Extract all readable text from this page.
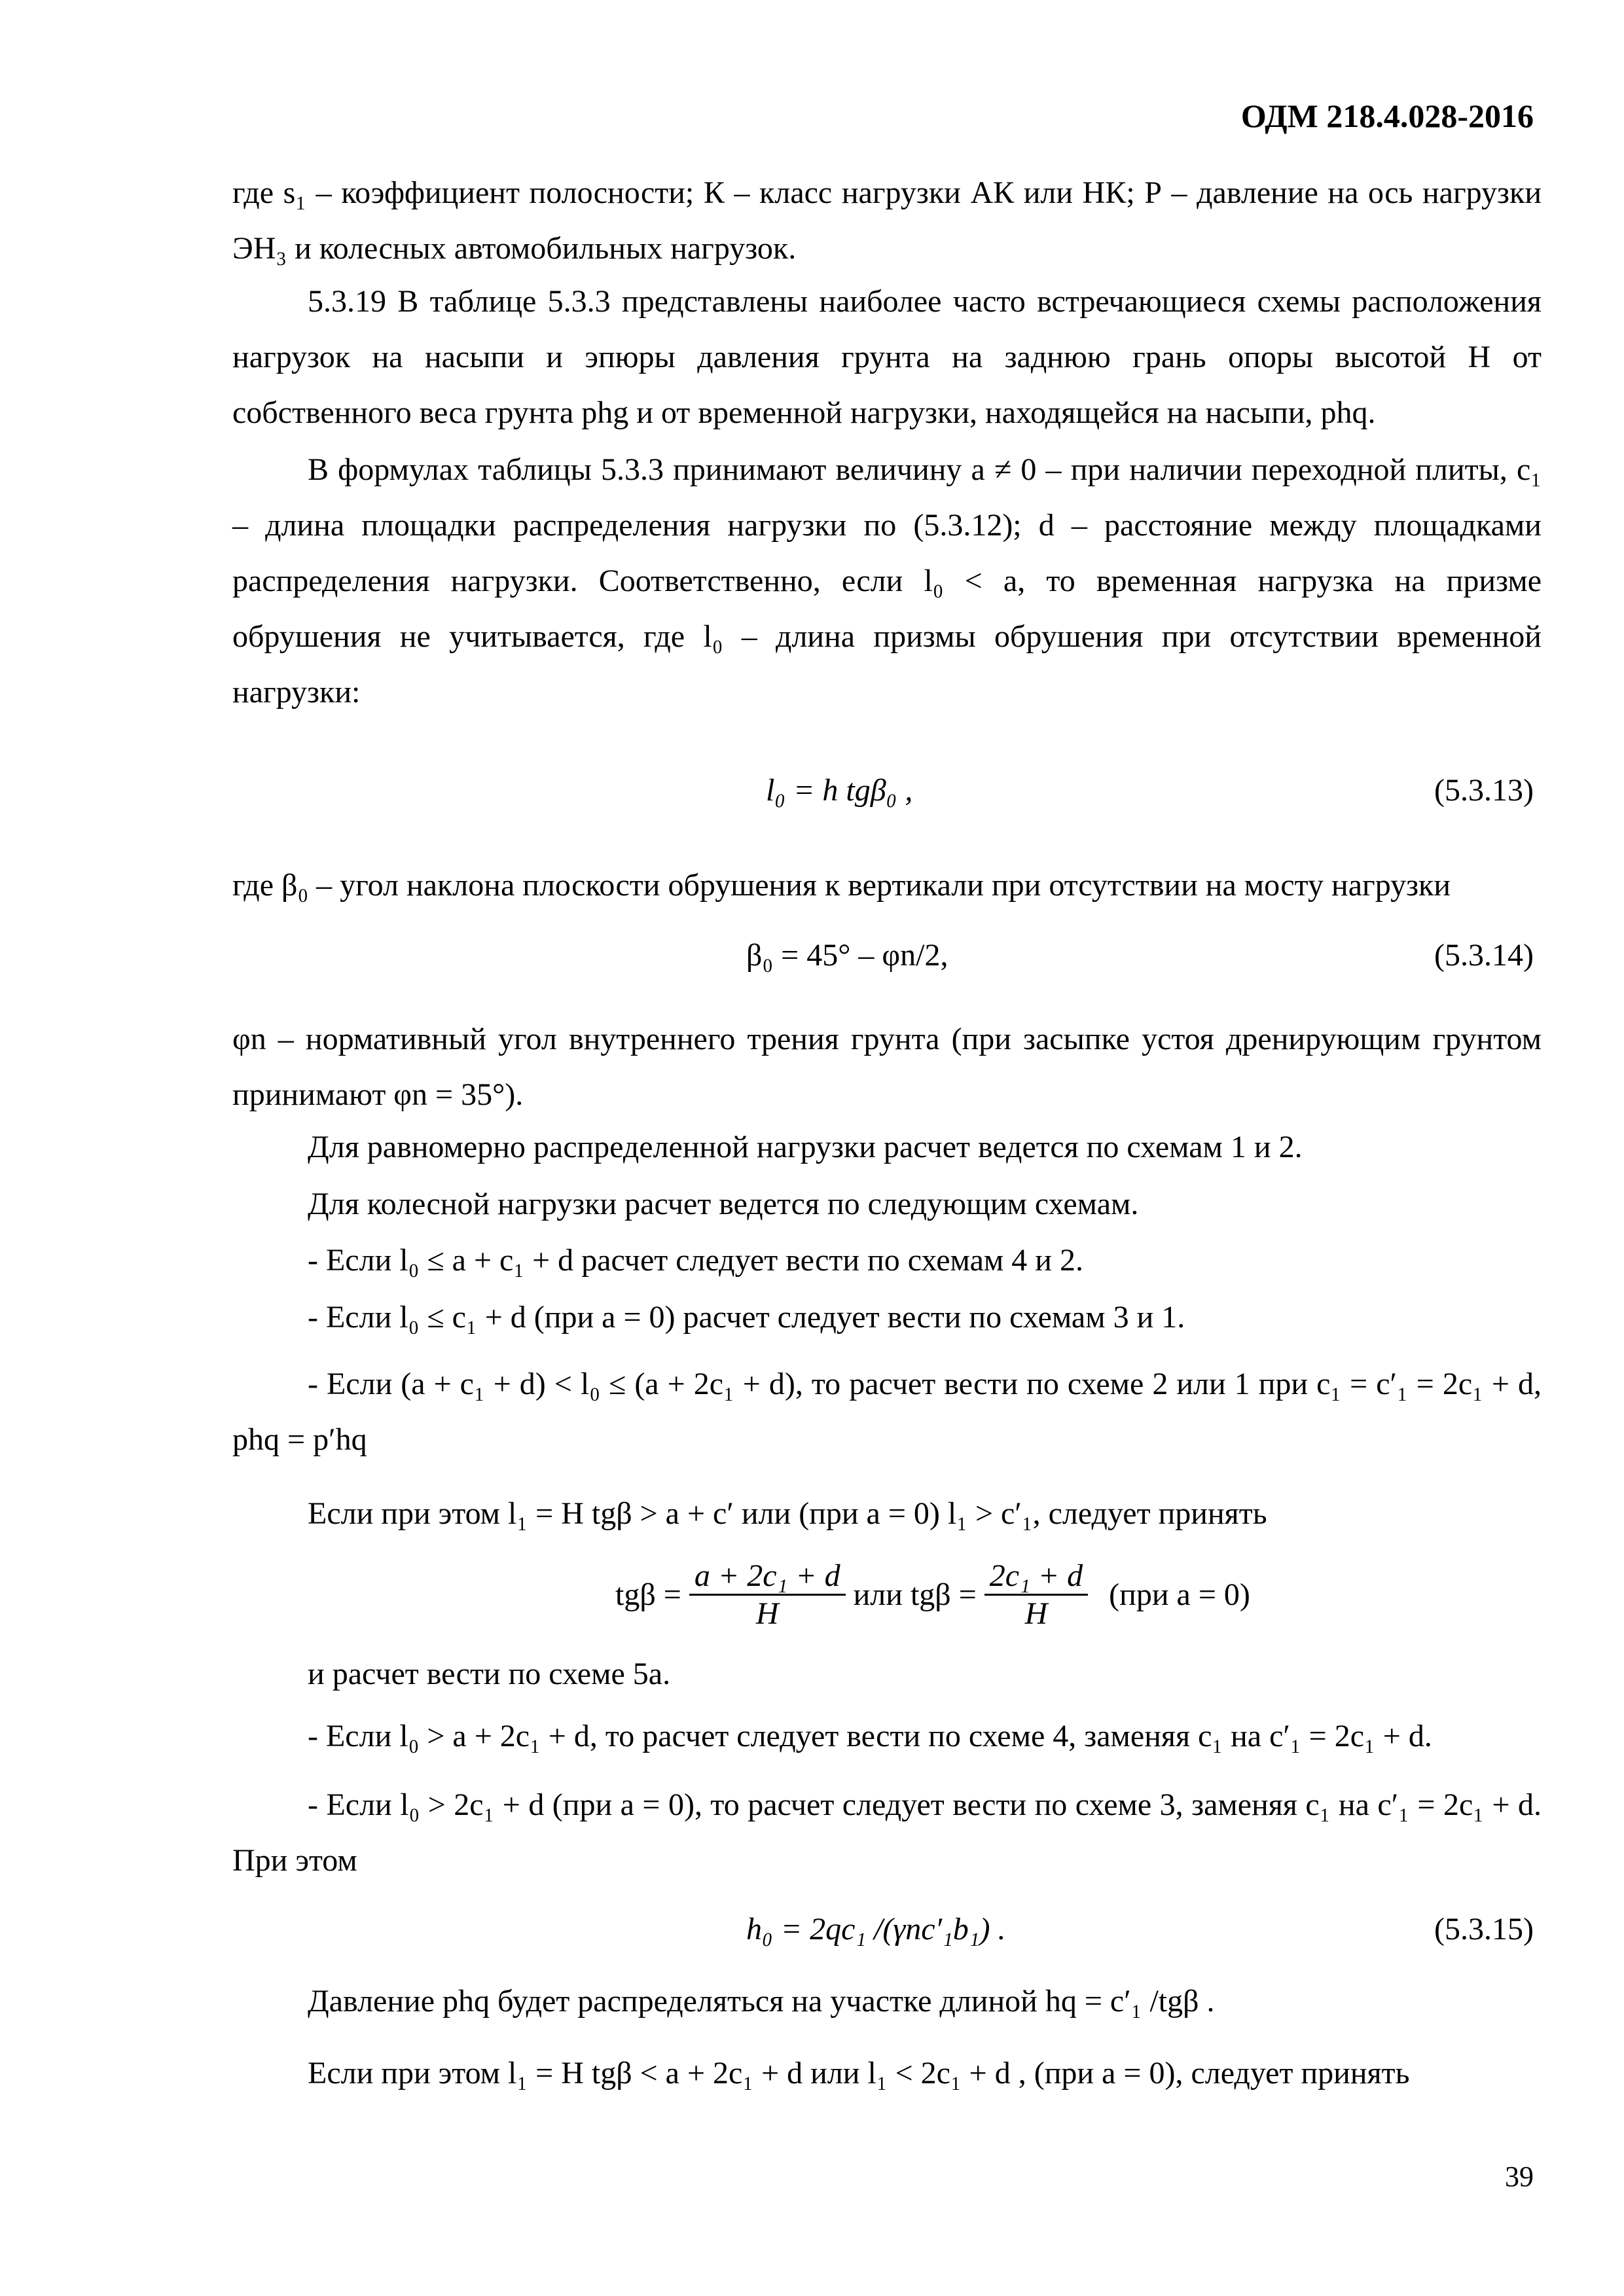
ОДМ 218.4.028-2016

где s₁ – коэффициент полосности; К – класс нагрузки АК или НК; Р – давление на ось нагрузки ЭН₃ и колесных автомобильных нагрузок.

5.3.19 В таблице 5.3.3 представлены наиболее часто встречающиеся схемы расположения нагрузок на насыпи и эпюры давления грунта на заднюю грань опоры высотой H от собственного веса грунта phg и от временной нагрузки, находящейся на насыпи, phq.

В формулах таблицы 5.3.3 принимают величину a ≠ 0 – при наличии переходной плиты, c₁ – длина площадки распределения нагрузки по (5.3.12); d – расстояние между площадками распределения нагрузки. Соответственно, если l₀ < a, то временная нагрузка на призме обрушения не учитывается, где l₀ – длина призмы обрушения при отсутствии временной нагрузки:

l₀ = h tgβ₀ ,	(5.3.13)

где β₀ – угол наклона плоскости обрушения к вертикали при отсутствии на мосту нагрузки

β₀ = 45° – φn/2,	(5.3.14)

φn – нормативный угол внутреннего трения грунта (при засыпке устоя дренирующим грунтом принимают φn = 35°).

Для равномерно распределенной нагрузки расчет ведется по схемам 1 и 2.

Для колесной нагрузки расчет ведется по следующим схемам.

- Если l₀ ≤ a + c₁ + d расчет следует вести по схемам 4 и 2.

- Если l₀ ≤ c₁ + d (при a = 0) расчет следует вести по схемам 3 и 1.

- Если (a + c₁ + d) < l₀ ≤ (a + 2c₁ + d), то расчет вести по схеме 2 или 1 при c₁ = c′₁ = 2c₁ + d, phq = p′hq

Если при этом l₁ = H tgβ > a + c′ или (при a = 0) l₁ > c′₁, следует принять

$tg\beta = \frac{\text{a + 2c₁ + d}}{H}$ или $tg\beta = \frac{\text{2c₁ + d}}{H} (при$ a = 0)

и расчет вести по схеме 5а.

- Если l₀ > a + 2c₁ + d, то расчет следует вести по схеме 4, заменяя c₁ на c′₁ = 2c₁ + d.

- Если l₀ > 2c₁ + d (при a = 0), то расчет следует вести по схеме 3, заменяя c₁ на c′₁ = 2c₁ + d. При этом

h₀ = 2qc₁ /(γnc′₁b₁) .	(5.3.15)

Давление phq будет распределяться на участке длиной hq = c′₁ /tgβ .

Если при этом l₁ = H tgβ < a + 2c₁ + d или l₁ < 2c₁ + d , (при a = 0), следует принять

39
